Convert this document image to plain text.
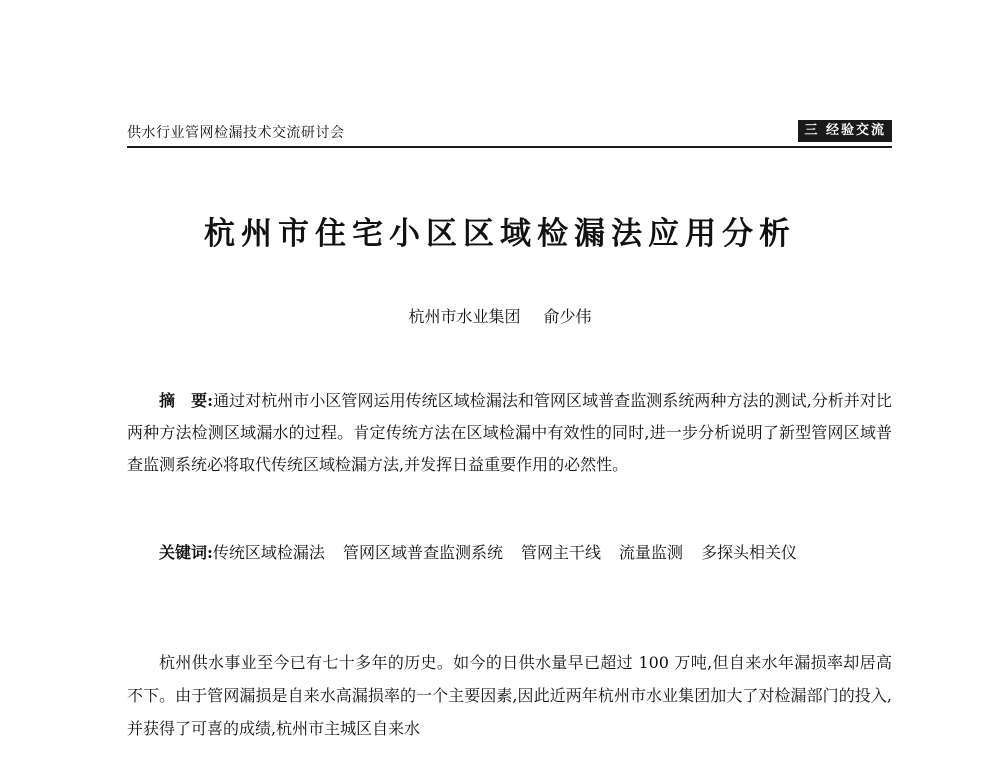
供水行业管网检漏技术交流研讨会	三 经验交流
杭州市住宅小区区域检漏法应用分析
杭州市水业集团 俞少伟

摘　要:通过对杭州市小区管网运用传统区域检漏法和管网区域普查监测系统两种方法的测试,分析并对比两种方法检测区域漏水的过程。肯定传统方法在区域检漏中有效性的同时,进一步分析说明了新型管网区域普查监测系统必将取代传统区域检漏方法,并发挥日益重要作用的必然性。

关键词:传统区域检漏法 管网区域普查监测系统 管网主干线 流量监测 多探头相关仪

杭州供水事业至今已有七十多年的历史。如今的日供水量早已超过 100 万吨,但自来水年漏损率却居高不下。由于管网漏损是自来水高漏损率的一个主要因素,因此近两年杭州市水业集团加大了对检漏部门的投入,并获得了可喜的成绩,杭州市主城区自来水
